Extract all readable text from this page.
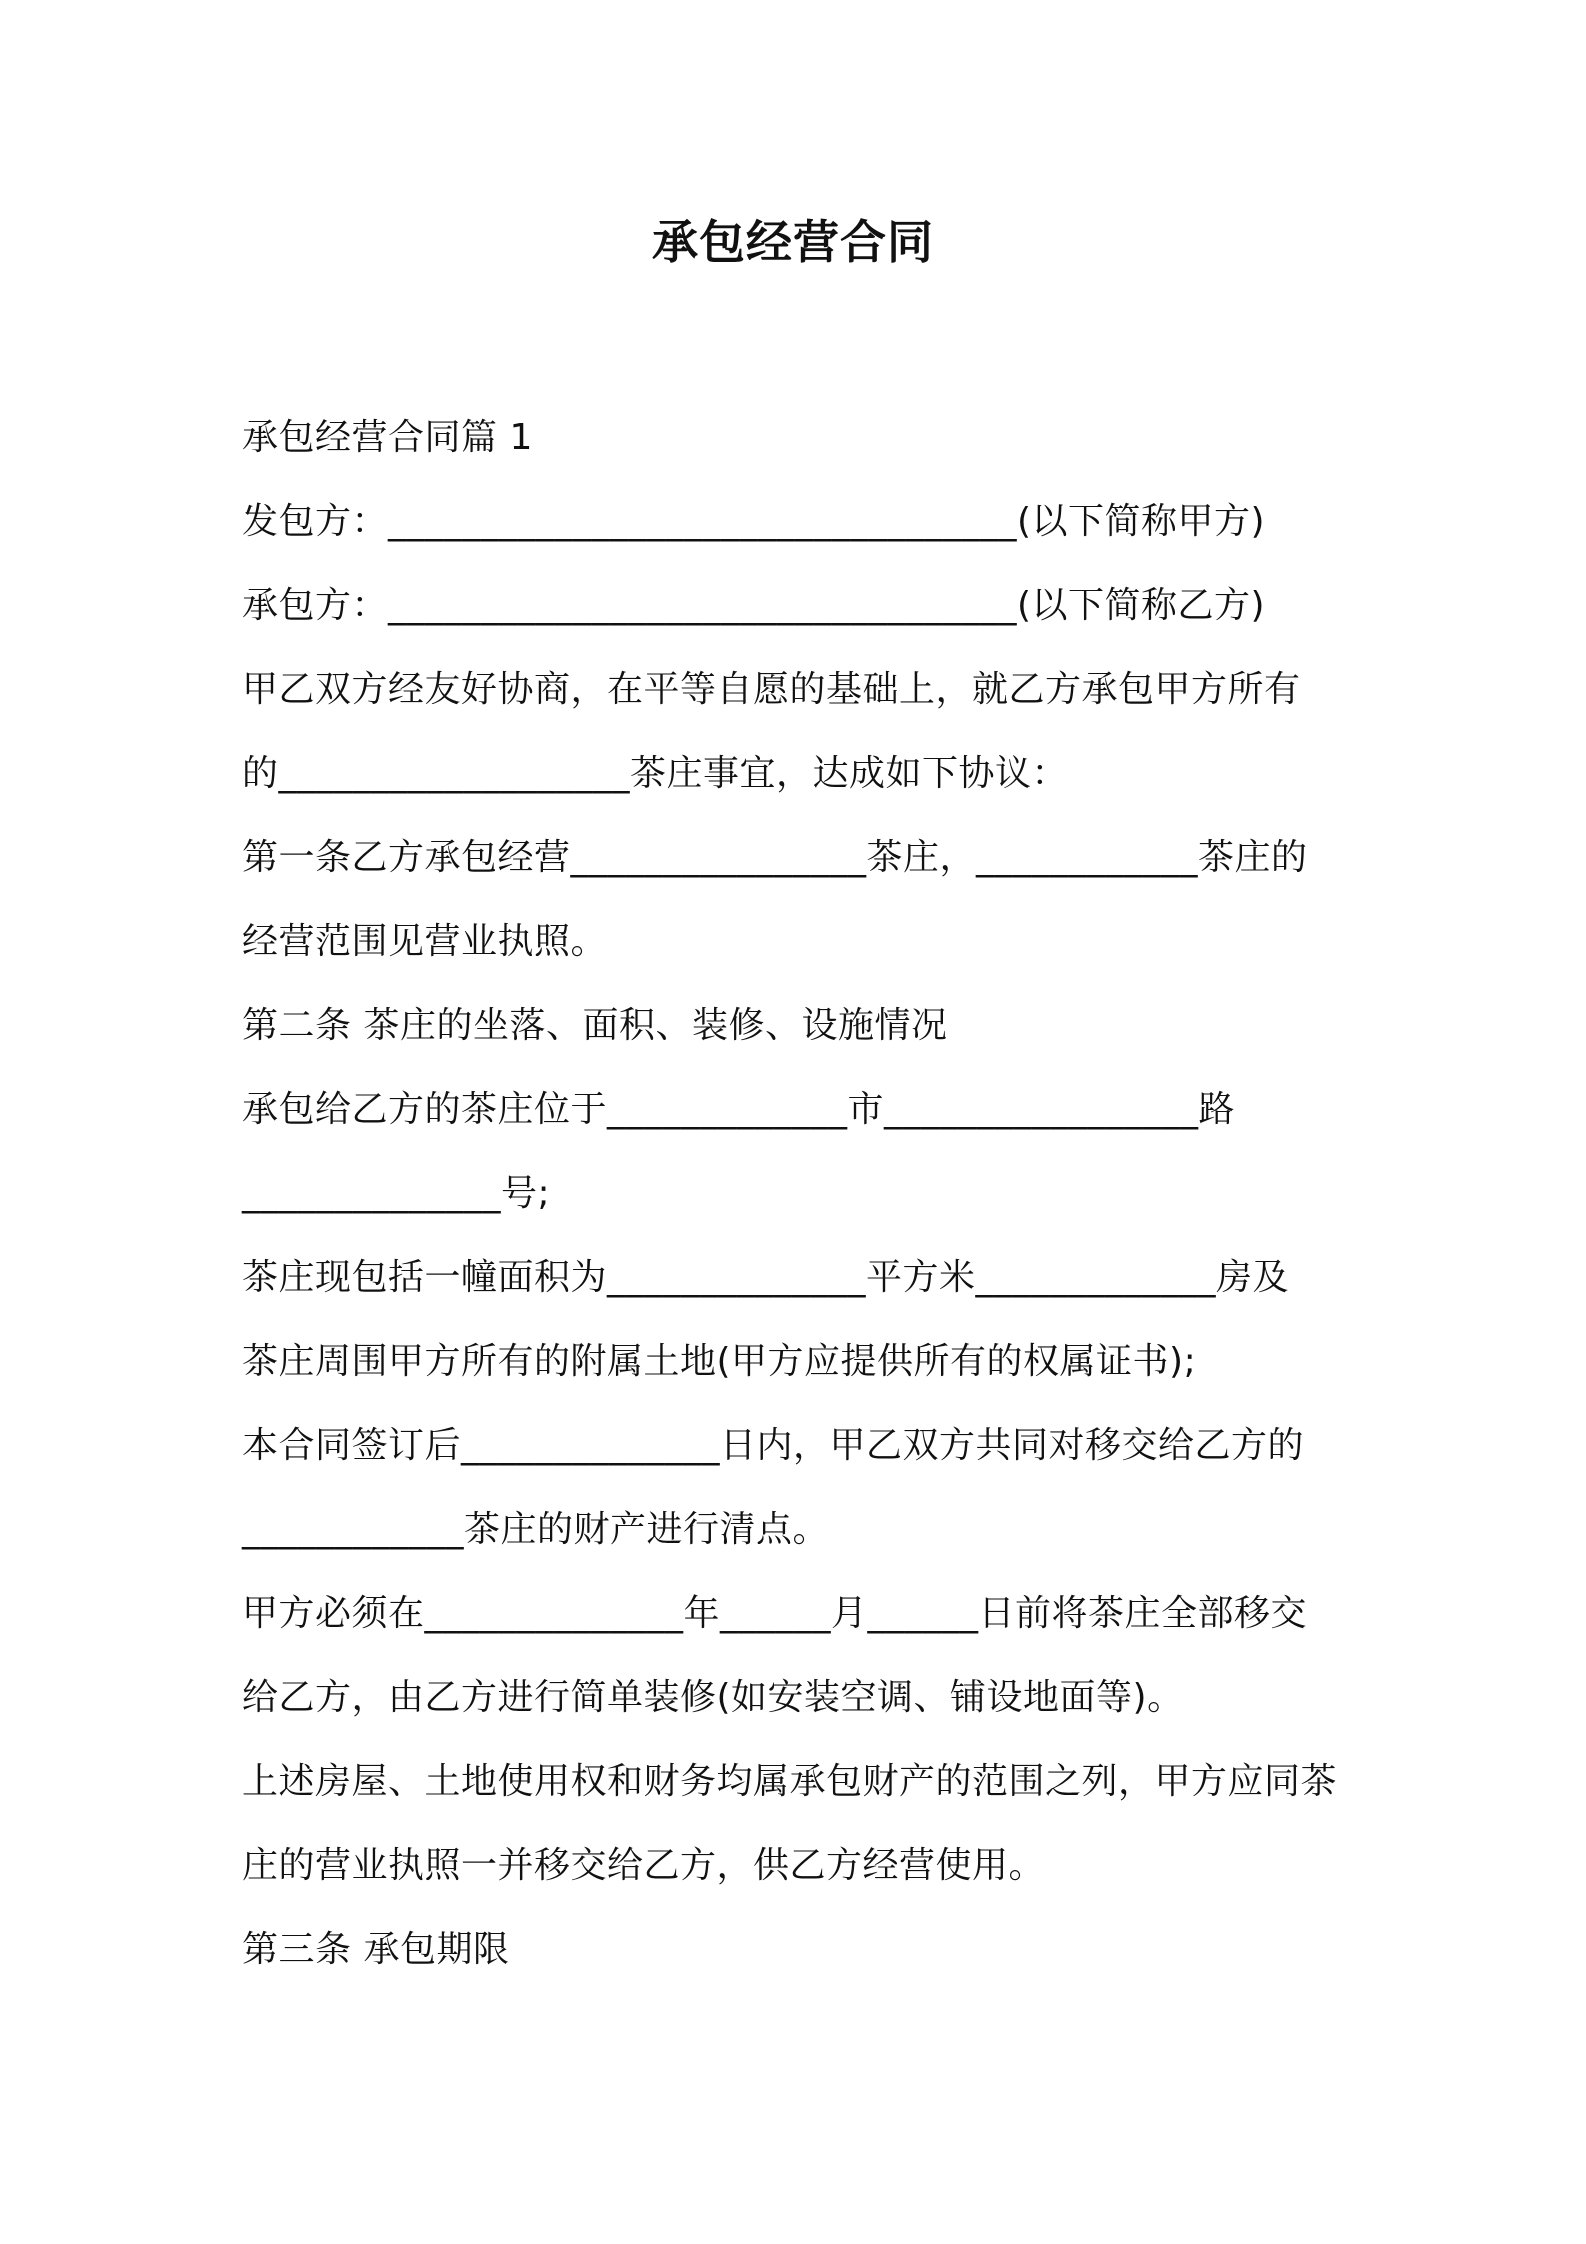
承包经营合同
承包经营合同篇 1
发包方：__________________________________(以下简称甲方)
承包方：__________________________________(以下简称乙方)
甲乙双方经友好协商，在平等自愿的基础上，就乙方承包甲方所有
的___________________茶庄事宜，达成如下协议：
第一条乙方承包经营________________茶庄，____________茶庄的
经营范围见营业执照。
第二条 茶庄的坐落、面积、装修、设施情况
承包给乙方的茶庄位于_____________市_________________路
______________号;
茶庄现包括一幢面积为______________平方米_____________房及
茶庄周围甲方所有的附属土地(甲方应提供所有的权属证书);
本合同签订后______________日内，甲乙双方共同对移交给乙方的
____________茶庄的财产进行清点。
甲方必须在______________年______月______日前将茶庄全部移交
给乙方，由乙方进行简单装修(如安装空调、铺设地面等)。
上述房屋、土地使用权和财务均属承包财产的范围之列，甲方应同茶
庄的营业执照一并移交给乙方，供乙方经营使用。
第三条 承包期限
